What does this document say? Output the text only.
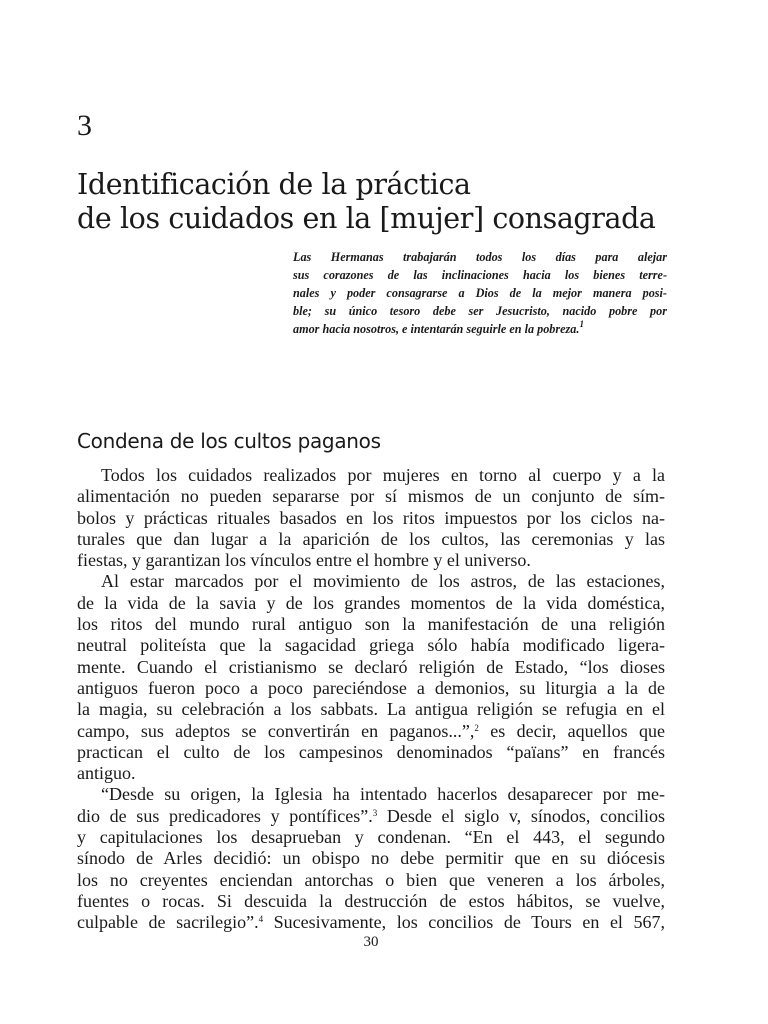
3
Identificación de la práctica
de los cuidados en la [mujer] consagrada
Las Hermanas trabajarán todos los días para alejar
sus corazones de las inclinaciones hacia los bienes terre-
nales y poder consagrarse a Dios de la mejor manera posi-
ble; su único tesoro debe ser Jesucristo, nacido pobre por
amor hacia nosotros, e intentarán seguirle en la pobreza.$^1$
Condena de los cultos paganos
Todos los cuidados realizados por mujeres en torno al cuerpo y a la
alimentación no pueden separarse por sí mismos de un conjunto de sím-
bolos y prácticas rituales basados en los ritos impuestos por los ciclos na-
turales que dan lugar a la aparición de los cultos, las ceremonias y las
fiestas, y garantizan los vínculos entre el hombre y el universo.
Al estar marcados por el movimiento de los astros, de las estaciones,
de la vida de la savia y de los grandes momentos de la vida doméstica,
los ritos del mundo rural antiguo son la manifestación de una religión
neutral politeísta que la sagacidad griega sólo había modificado ligera-
mente. Cuando el cristianismo se declaró religión de Estado, “los dioses
antiguos fueron poco a poco pareciéndose a demonios, su liturgia a la de
la magia, su celebración a los sabbats. La antigua religión se refugia en el
campo, sus adeptos se convertirán en paganos...”,$^2$ es decir, aquellos que
practican el culto de los campesinos denominados “païans” en francés
antiguo.
“Desde su origen, la Iglesia ha intentado hacerlos desaparecer por me-
dio de sus predicadores y pontífices”.$^3$ Desde el siglo v, sínodos, concilios
y capitulaciones los desaprueban y condenan. “En el 443, el segundo
sínodo de Arles decidió: un obispo no debe permitir que en su diócesis
los no creyentes enciendan antorchas o bien que veneren a los árboles,
fuentes o rocas. Si descuida la destrucción de estos hábitos, se vuelve,
culpable de sacrilegio”.$^4$ Sucesivamente, los concilios de Tours en el 567,
30
